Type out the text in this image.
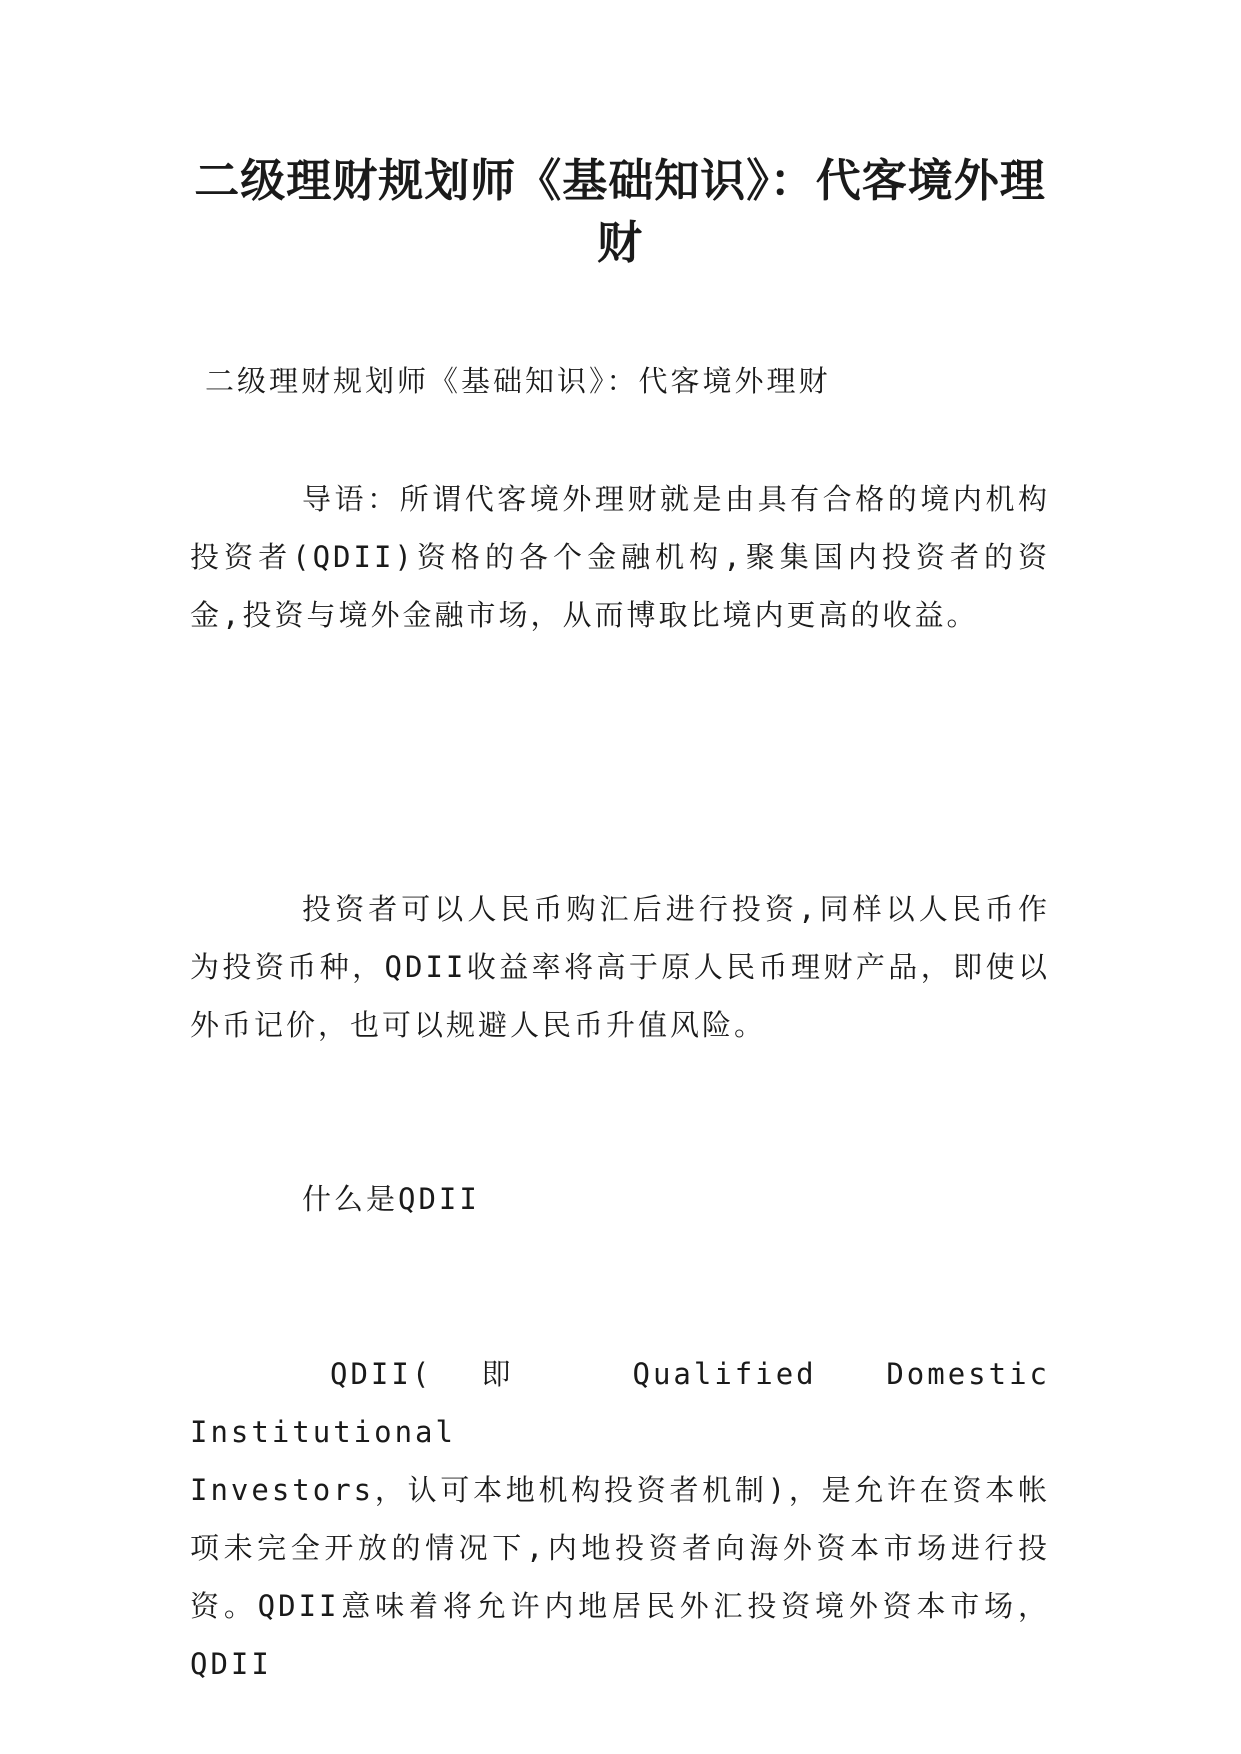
二级理财规划师《基础知识》：代客境外理财

二级理财规划师《基础知识》：代客境外理财

导语：所谓代客境外理财就是由具有合格的境内机构投资者(QDII)资格的各个金融机构,聚集国内投资者的资金,投资与境外金融市场，从而博取比境内更高的收益。

投资者可以人民币购汇后进行投资,同样以人民币作为投资币种，QDII收益率将高于原人民币理财产品，即使以外币记价，也可以规避人民币升值风险。

什么是QDII

QDII(即 Qualified Domestic Institutional
Investors，认可本地机构投资者机制)，是允许在资本帐项未完全开放的情况下,内地投资者向海外资本市场进行投资。QDII意味着将允许内地居民外汇投资境外资本市场，QDII
